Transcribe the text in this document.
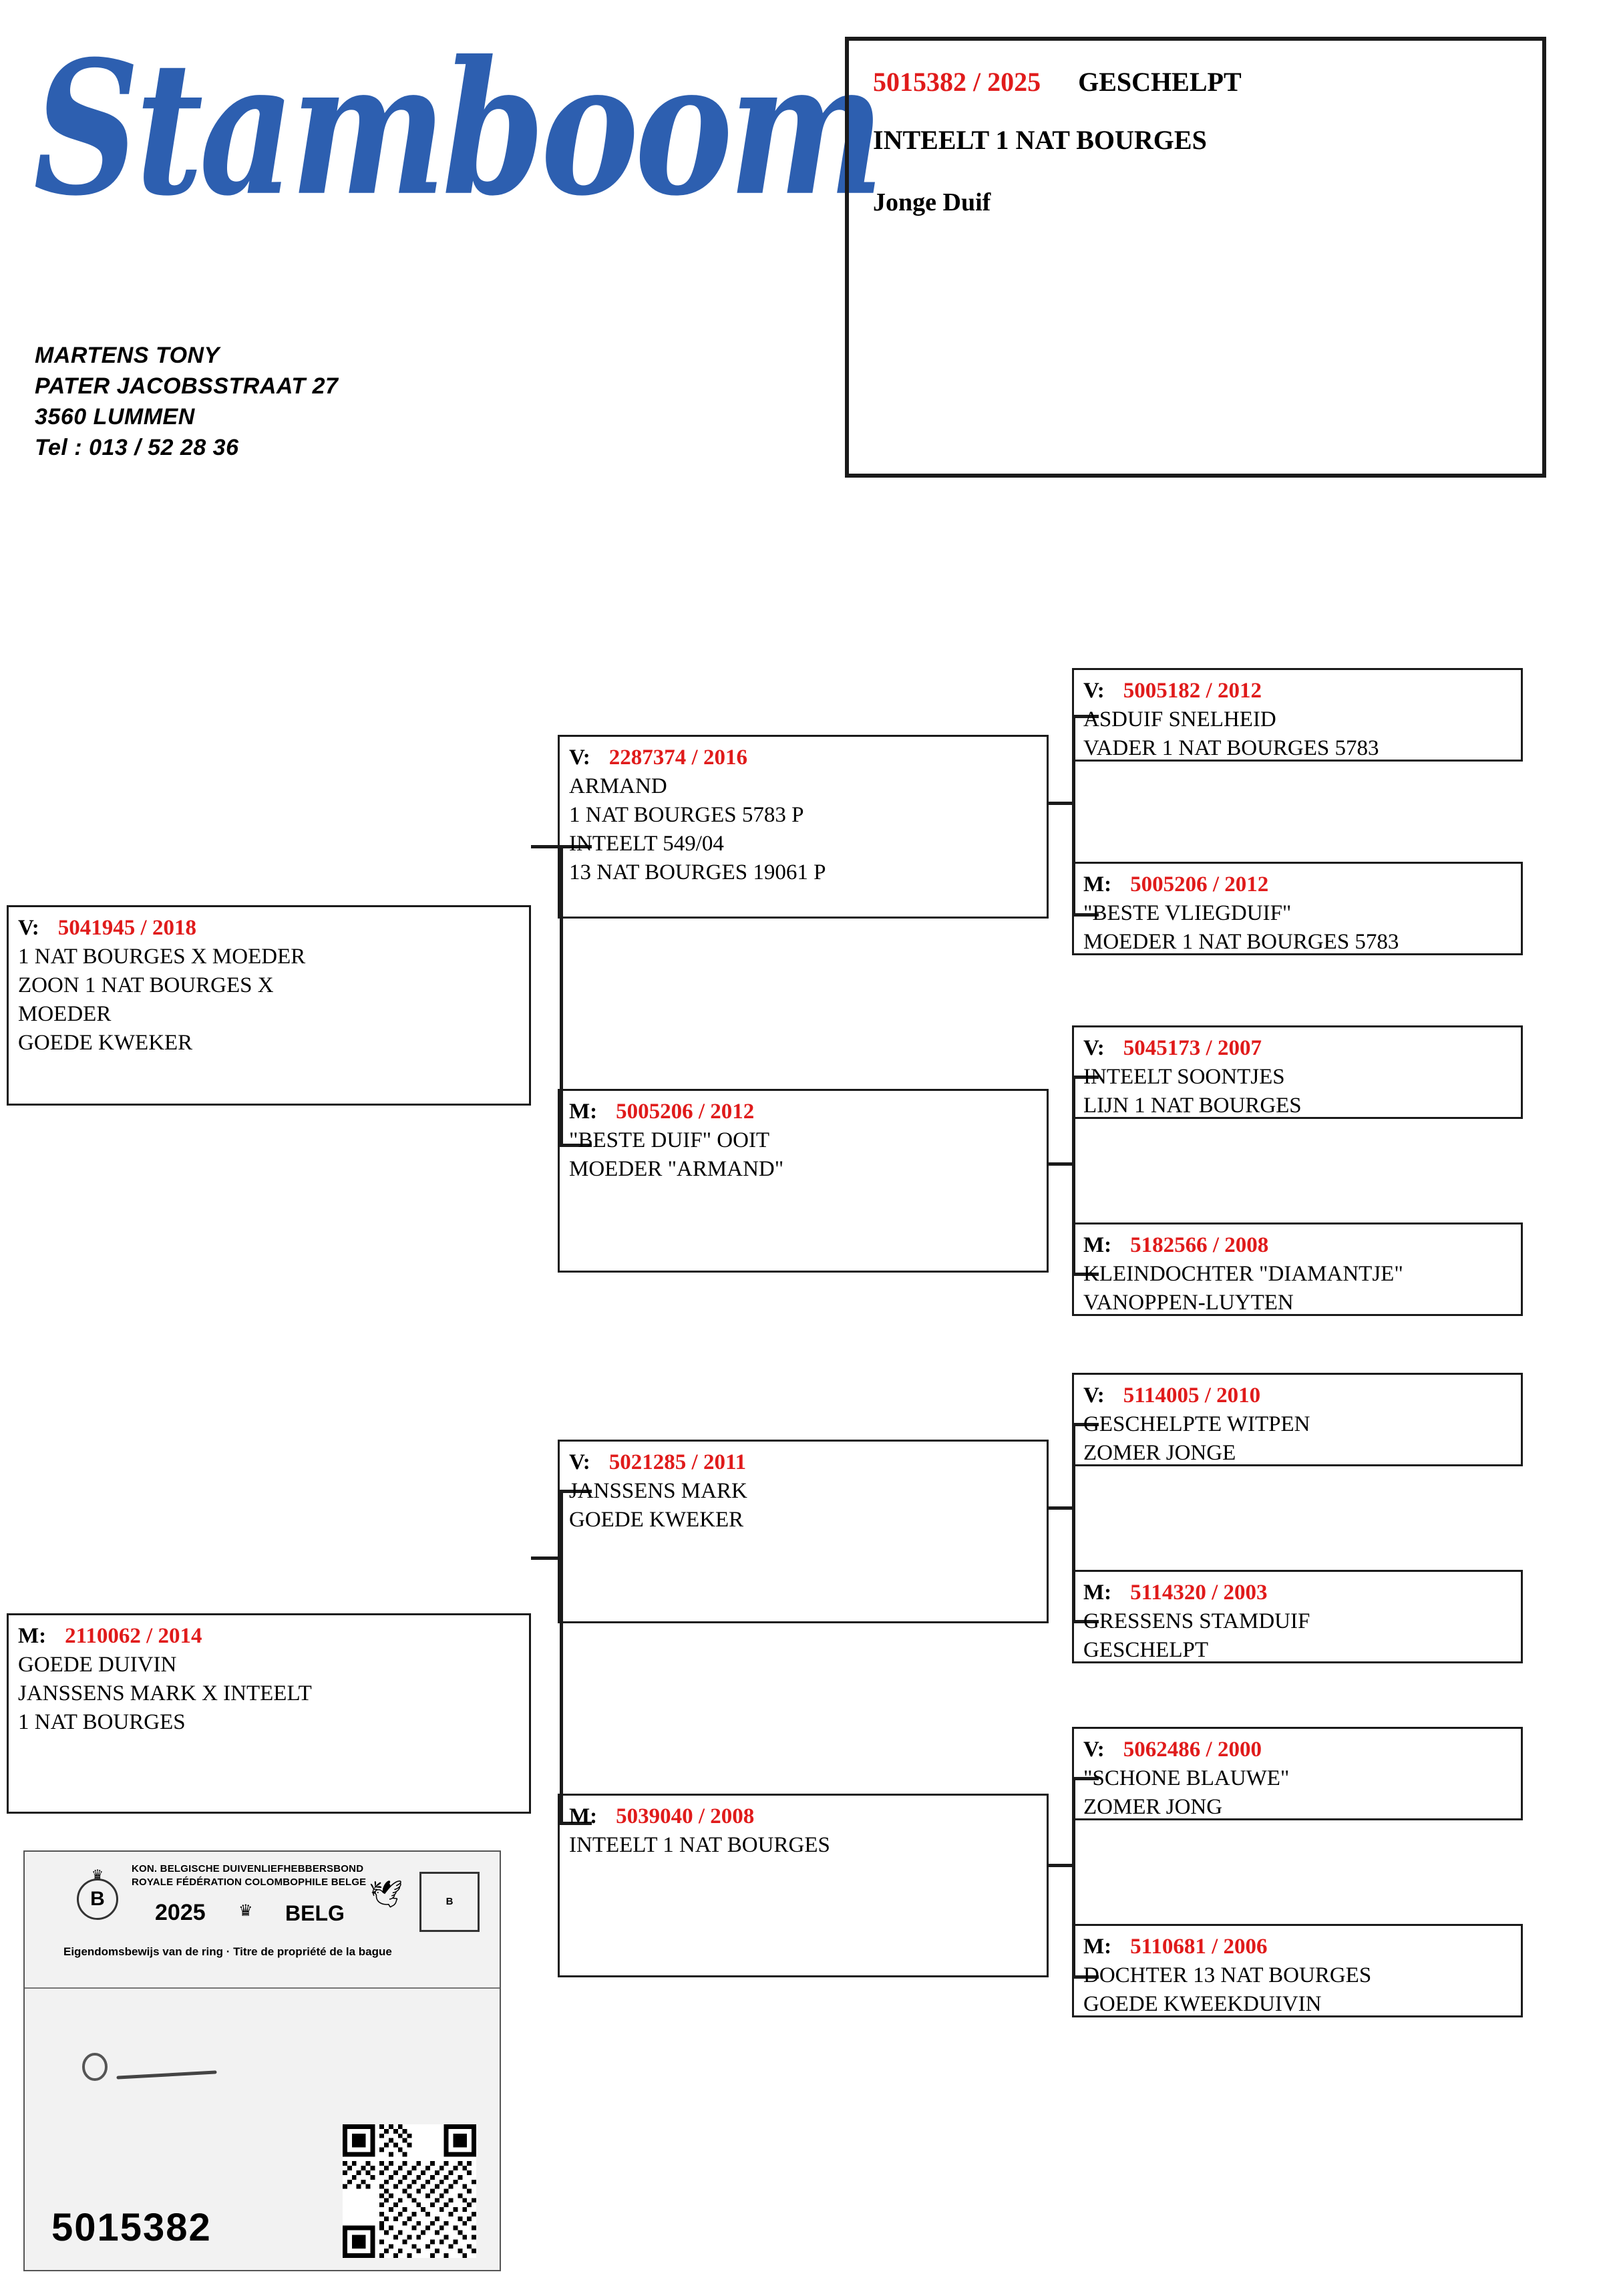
Stamboom
MARTENS TONY
PATER JACOBSSTRAAT 27
3560 LUMMEN
Tel : 013 / 52 28 36
5015382 / 2025 GESCHELPT
INTEELT 1 NAT BOURGES
Jonge Duif
V: 5041945 / 2018
1 NAT BOURGES X MOEDER
ZOON 1 NAT BOURGES X
MOEDER
GOEDE KWEKER
M: 2110062 / 2014
GOEDE DUIVIN
JANSSENS MARK X INTEELT
1 NAT BOURGES
V: 2287374 / 2016
ARMAND
1 NAT BOURGES 5783 P
INTEELT 549/04
13 NAT BOURGES 19061 P
M: 5005206 / 2012
"BESTE DUIF" OOIT
MOEDER "ARMAND"
V: 5021285 / 2011
JANSSENS MARK
GOEDE KWEKER
M: 5039040 / 2008
INTEELT 1 NAT BOURGES
V: 5005182 / 2012
ASDUIF SNELHEID
VADER 1 NAT BOURGES 5783
M: 5005206 / 2012
"BESTE VLIEGDUIF"
MOEDER 1 NAT BOURGES 5783
V: 5045173 / 2007
INTEELT SOONTJES
LIJN 1 NAT BOURGES
M: 5182566 / 2008
KLEINDOCHTER "DIAMANTJE"
VANOPPEN-LUYTEN
V: 5114005 / 2010
GESCHELPTE WITPEN
ZOMER JONGE
M: 5114320 / 2003
GRESSENS STAMDUIF
GESCHELPT
V: 5062486 / 2000
"SCHONE BLAUWE"
ZOMER JONG
M: 5110681 / 2006
DOCHTER 13 NAT BOURGES
GOEDE KWEEKDUIVIN
B
♛	KON. BELGISCHE DUIVENLIEFHEBBERSBOND
ROYALE FÉDÉRATION COLOMBOPHILE BELGE
2025 ♛ BELG
🕊	B
Eigendomsbewijs van de ring · Titre de propriété de la bague
5015382
